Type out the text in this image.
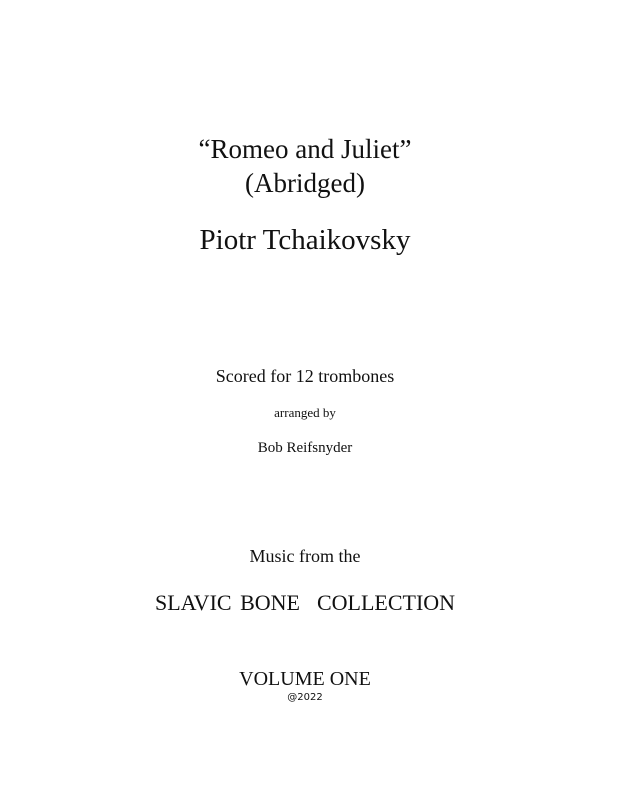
“Romeo and Juliet”
(Abridged)
Piotr Tchaikovsky
Scored for 12 trombones
arranged by
Bob Reifsnyder
Music from the
SLAVIC BONE  COLLECTION
VOLUME ONE
@2022
